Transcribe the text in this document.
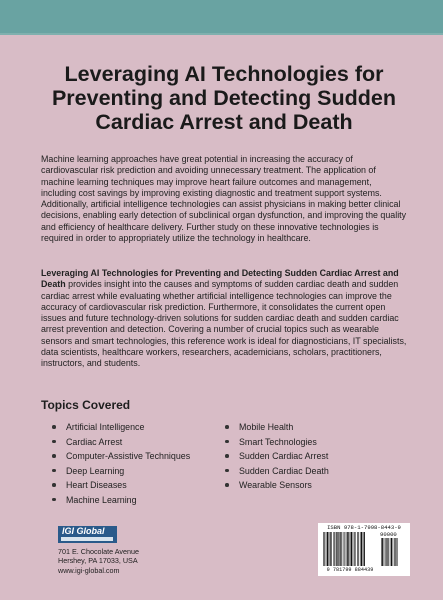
Leveraging AI Technologies for Preventing and Detecting Sudden Cardiac Arrest and Death

Machine learning approaches have great potential in increasing the accuracy of cardiovascular risk prediction and avoiding unnecessary treatment. The application of machine learning techniques may improve heart failure outcomes and management, including cost savings by improving existing diagnostic and treatment support systems. Additionally, artificial intelligence technologies can assist physicians in making better clinical decisions, enabling early detection of subclinical organ dysfunction, and improving the quality and efficiency of healthcare delivery. Further study on these innovative technologies is required in order to appropriately utilize the technology in healthcare.

Leveraging AI Technologies for Preventing and Detecting Sudden Cardiac Arrest and Death provides insight into the causes and symptoms of sudden cardiac death and sudden cardiac arrest while evaluating whether artificial intelligence technologies can improve the accuracy of cardiovascular risk prediction. Furthermore, it consolidates the current open issues and future technology-driven solutions for sudden cardiac death and sudden cardiac arrest prevention and detection. Covering a number of crucial topics such as wearable sensors and smart technologies, this reference work is ideal for diagnosticians, IT specialists, data scientists, healthcare workers, researchers, academicians, scholars, practitioners, instructors, and students.

Topics Covered
Artificial Intelligence
Cardiac Arrest
Computer-Assistive Techniques
Deep Learning
Heart Diseases
Machine Learning
Mobile Health
Smart Technologies
Sudden Cardiac Arrest
Sudden Cardiac Death
Wearable Sensors
IGI Global
701 E. Chocolate Avenue
Hershey, PA 17033, USA
www.igi-global.com
ISBN 978-1-7998-8443-9
90000
9 781799 884439
